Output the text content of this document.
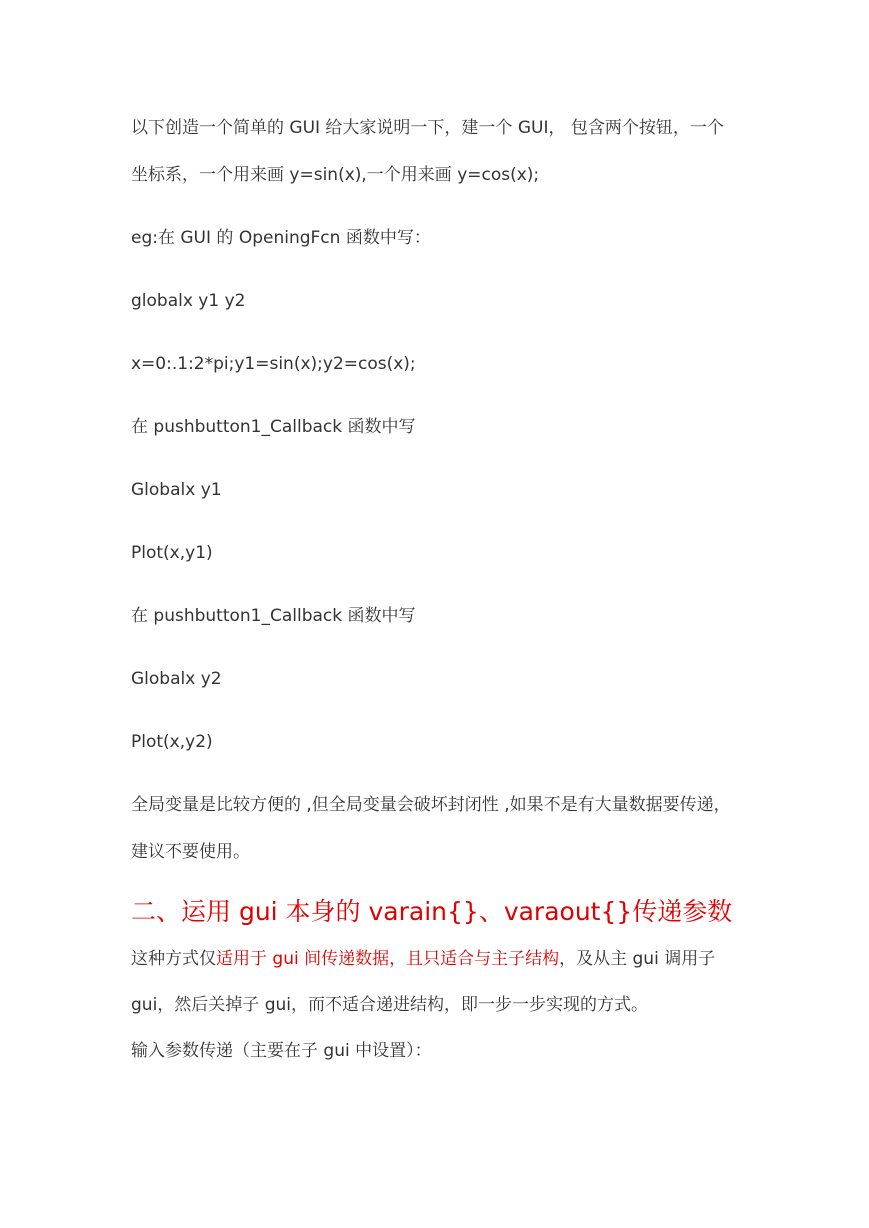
以下创造一个简单的 GUI 给大家说明一下，建一个 GUI， 包含两个按钮，一个
坐标系，一个用来画 y=sin(x),一个用来画 y=cos(x);
eg:在 GUI 的 OpeningFcn 函数中写：
globalx y1 y2
x=0:.1:2*pi;y1=sin(x);y2=cos(x);
在 pushbutton1_Callback 函数中写
Globalx y1
Plot(x,y1)
在 pushbutton1_Callback 函数中写
Globalx y2
Plot(x,y2)
全局变量是比较方便的 ,但全局变量会破坏封闭性 ,如果不是有大量数据要传递，
建议不要使用。
二、运用 gui 本身的 varain{}、varaout{}传递参数
这种方式仅适用于 gui 间传递数据，且只适合与主子结构，及从主 gui 调用子
gui，然后关掉子 gui，而不适合递进结构，即一步一步实现的方式。
输入参数传递（主要在子 gui 中设置）：
